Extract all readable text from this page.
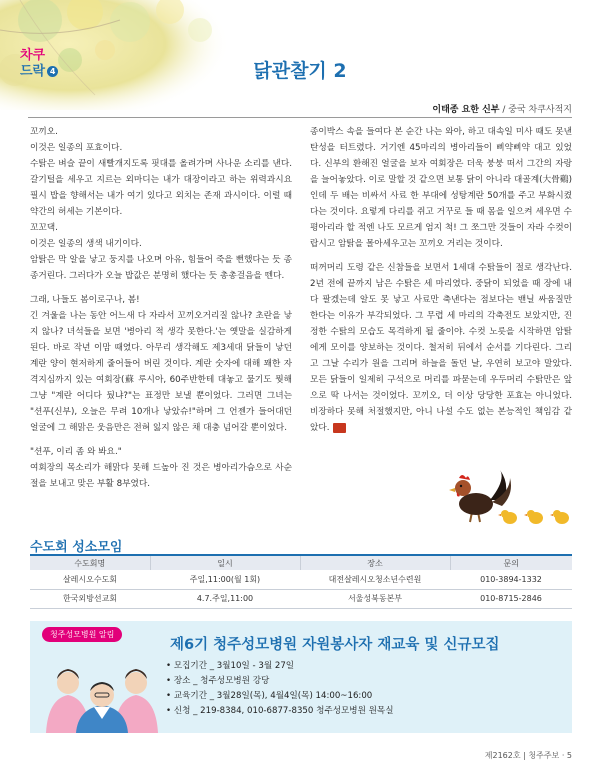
차쿠
드락 4	닭관찰기 2
이태종 요한 신부 / 중국 차쿠사적지

꼬끼오.

이것은 일종의 포효이다.

수탉은 벼슬 끝이 새빨개지도록 핏대를 올려가며 사나운 소리를 낸다. 갈기털을 세우고 지르는 외마디는 내가 대장이라고 하는 위력과시요 필시 밥을 향해서는 내가 여기 있다고 외치는 존재 과시이다. 이럴 때 약간의 허세는 기본이다.

꼬꼬댁.

이것은 일종의 생색 내기이다.

암탉은 막 알을 낳고 둥지를 나오며 아유, 힘들어 죽을 뻔했다는 듯 종종거린다. 그러다가 오늘 밥값은 분명히 했다는 듯 총총걸음을 뗀다.

그래, 나들도 봄이로구나, 봄!

긴 겨울을 나는 동안 어느새 다 자라서 꼬끼오거리질 않나? 초란을 낳지 않나? 녀석들을 보면 '병아리 적 생각 못한다.'는 옛말을 실감하게 된다. 바로 작년 이맘 때였다. 아무리 생각해도 제3세대 닭들이 낳던 계란 양이 현저하게 줄어들어 버린 것이다. 계란 숫자에 대해 꽤한 자격지심까지 있는 여회장(蘇 루시아, 60주반한테 대놓고 물기도 뭣해 그냥 "계란 어디다 뒀냐?"는 표정만 보낼 뿐이었다. 그러면 그녀는 "션푸(신부), 오늘은 무려 10개나 낳았슈!"하며 그 언젠가 들어대던 얼굴에 그 해맑은 웃음만은 전혀 잃지 않은 채 대충 넘어갈 뿐이었다.

"션푸, 이리 좀 와 봐요."

여회장의 목소리가 해맑다 못해 드높아 진 것은 병아리가슴으로 사순절을 보내고 맞은 부활 8부였다.

종이박스 속을 들여다 본 순간 나는 와아, 하고 대속일 미사 때도 못낸 탄성을 터트렸다. 거기엔 45마리의 병아리들이 삐약삐약 대고 있었다. 신부의 환해진 얼굴을 보자 여회장은 더욱 붕붕 떠서 그간의 자랑을 늘어놓았다. 이로 말할 것 같으면 보통 닭이 아니라 대골계(大骨鷄)인데 두 배는 비싸서 사료 한 부대에 성탕계란 50개를 주고 부화시켰다는 것이다. 요렇게 다리를 쥐고 거꾸로 들 때 몸을 일으켜 세우면 수평아리라 할 적엔 나도 모르게 엄지 척! 그 쪼그만 것들이 자라 수컷이랍시고 암탉을 몰아세우고는 꼬끼오 거리는 것이다.

떠꺼머리 도령 같은 신참들을 보면서 1세대 수탉들이 절로 생각난다. 2년 전에 끝까지 남은 수탉은 세 마리였다. 중닭이 되었을 때 장에 내다 팔겠는데 알도 못 낳고 사료만 축낸다는 점보다는 밴닐 싸움질만 한다는 이유가 부각되었다. 그 무렵 세 마리의 각축전도 보았지만, 진정한 수탉의 모습도 목격하게 될 줄이야. 수컷 노릇을 시작하면 암탉에게 모이를 양보하는 것이다. 철저히 뒤에서 순서를 기다린다. 그리고 그날 수리가 원을 그리며 하늘을 돌던 날, 우연히 보고야 말았다. 모든 닭들이 일제히 구석으로 머리를 파묻는데 우두머리 수탉만은 앞으로 딱 나서는 것이었다. 꼬끼오, 더 이상 당당한 포효는 아니었다. 비장하다 못해 처절했지만, 아니 나설 수도 없는 본능적인 책임감 같았다.

수도회 성소모임
수도회명	일시	장소	문의
살레시오수도회	주일,11:00(월 1회)	대전살레시오청소년수련원	010-3894-1332
한국외방선교회	4.7.주일,11:00	서울성북동본부	010-8715-2846
청주성모병원 알림
제6기 청주성모병원 자원봉사자 재교육 및 신규모집
• 모집기간 _ 3월10일 - 3월 27일
• 장소 _ 청주성모병원 강당
• 교육기간 _ 3월28일(목), 4월4일(목) 14:00~16:00
• 신청 _ 219-8384, 010-6877-8350 청주성모병원 원목실
제2162호 | 청주주보 · 5
